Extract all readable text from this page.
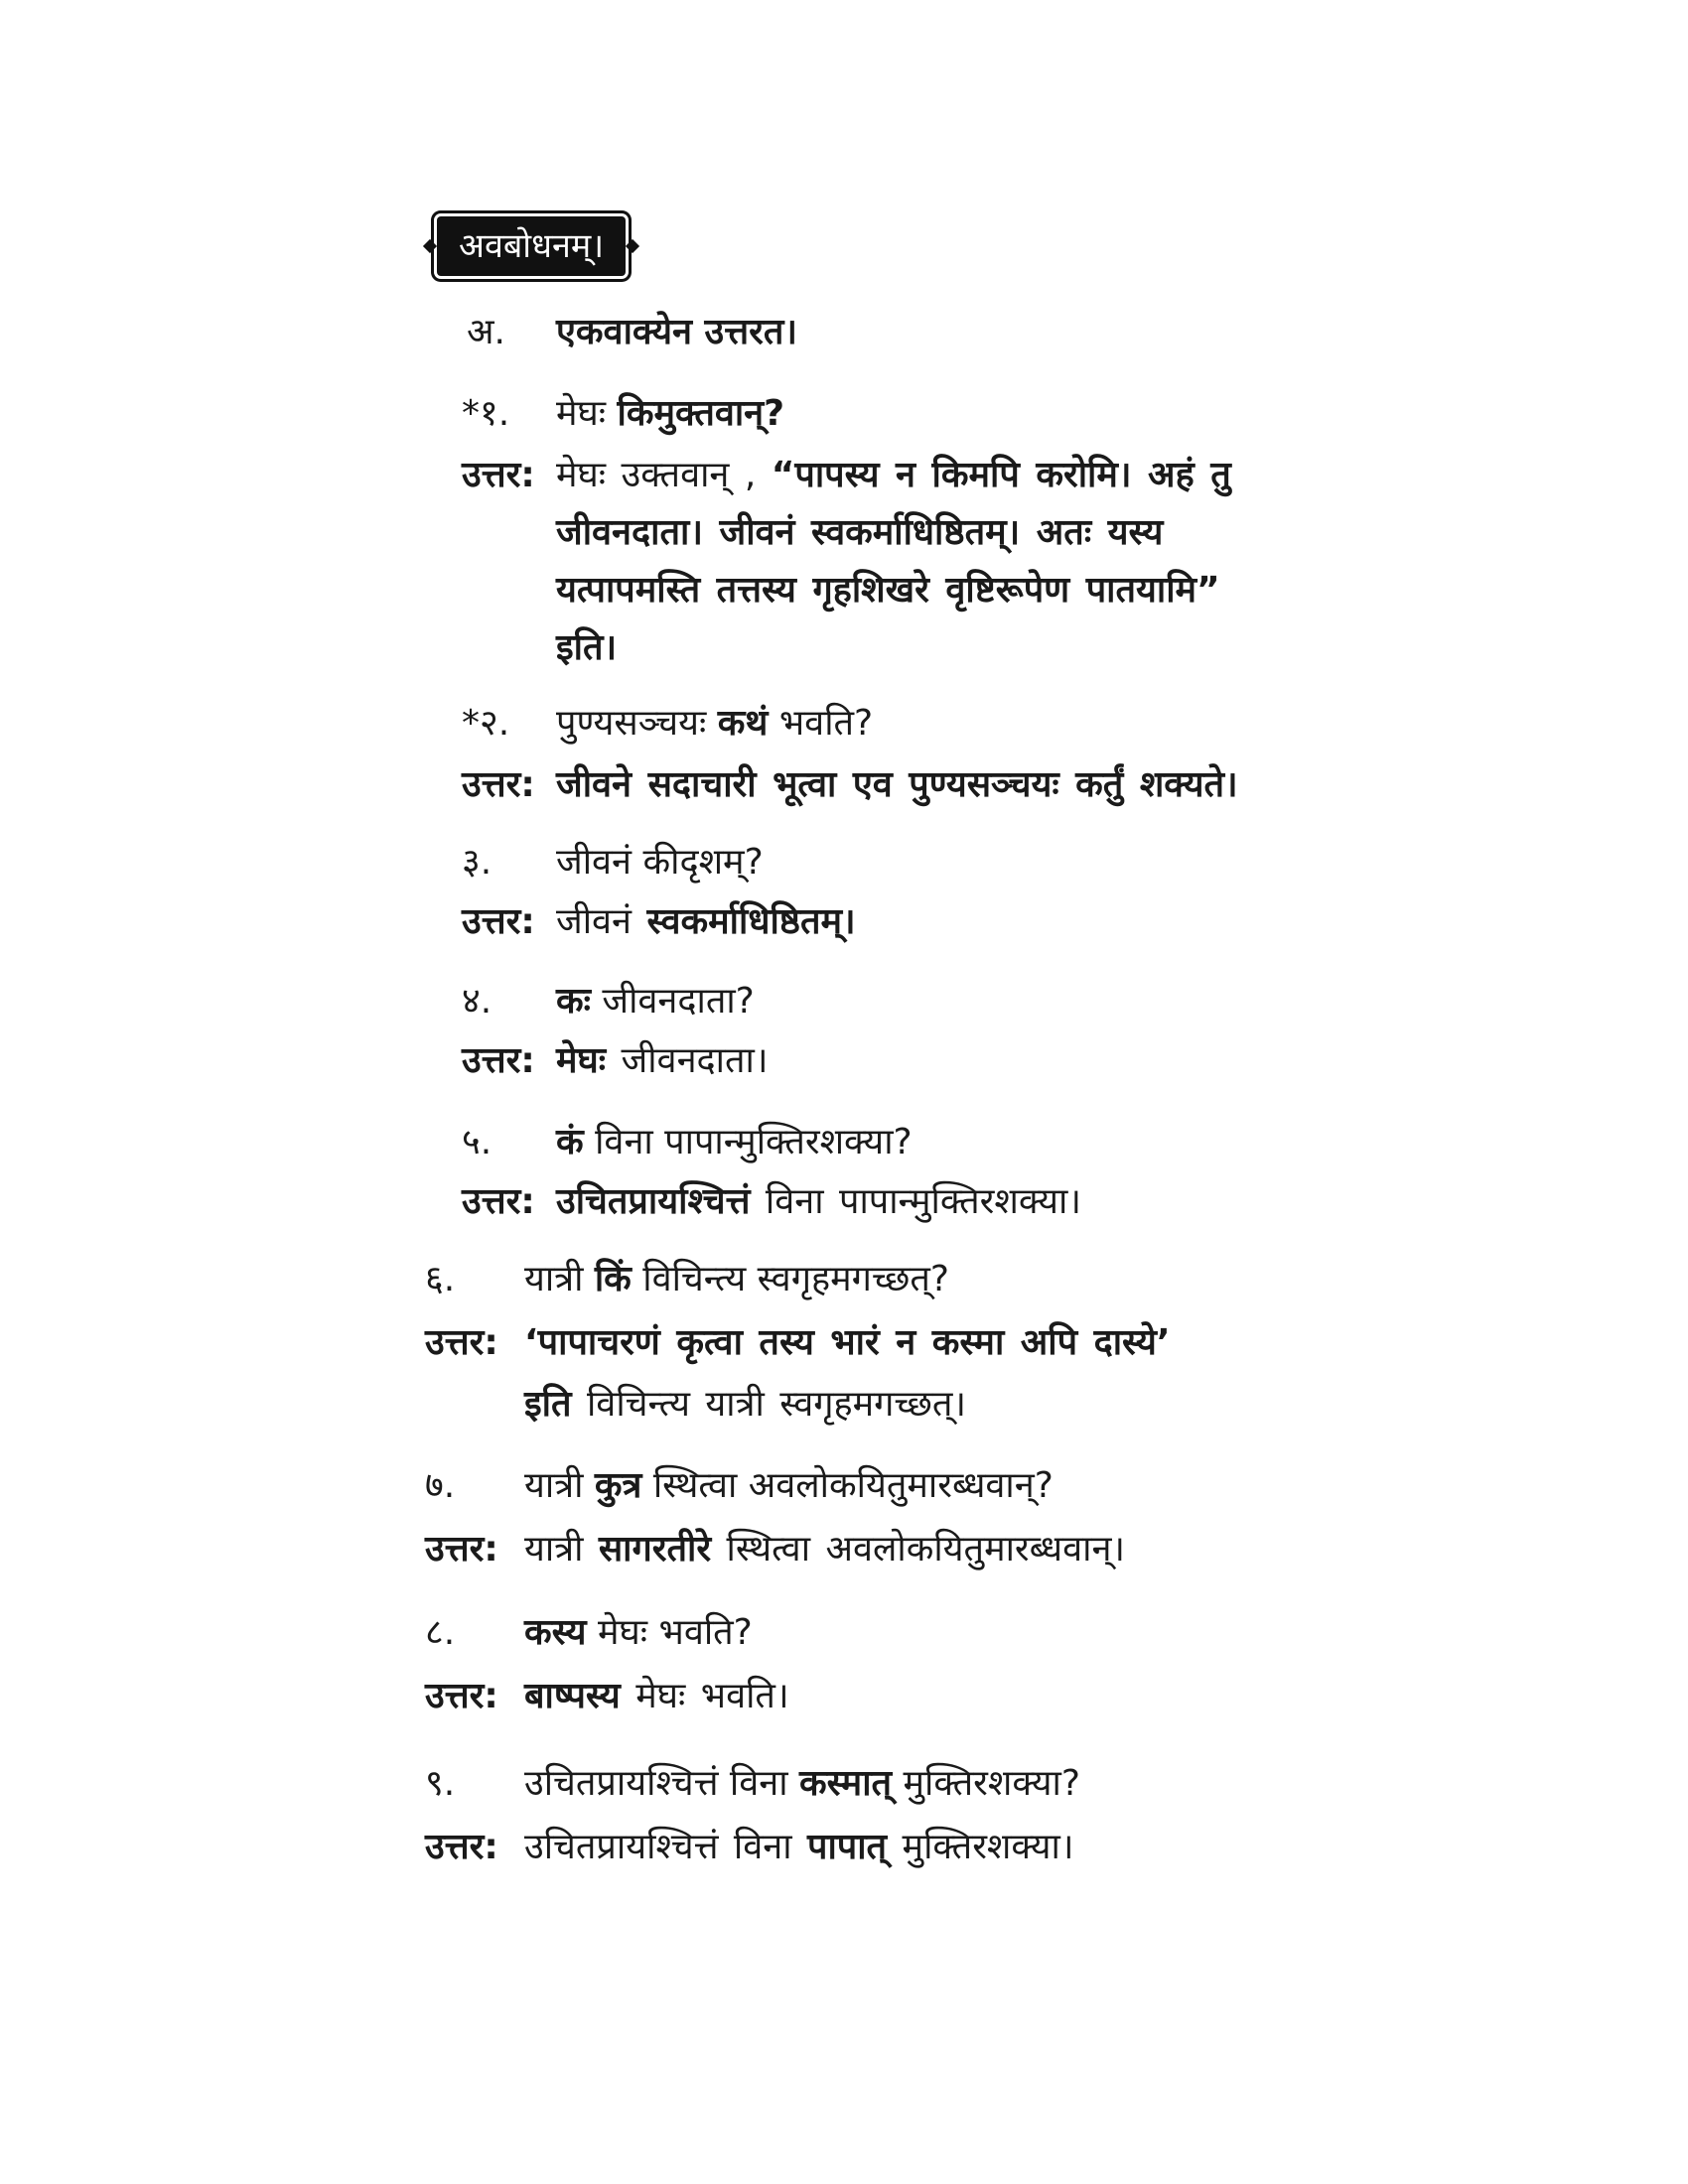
अवबोधनम्।
अ.	एकवाक्येन उत्तरत।
*१.	मेघः किमुक्तवान्?
उत्तर: मेघः उक्तवान् , “पापस्य न किमपि करोमि। अहं तु
जीवनदाता। जीवनं स्वकर्माधिष्ठितम्। अतः यस्य
यत्पापमस्ति तत्तस्य गृहशिखरे वृष्टिरूपेण पातयामि”
इति।
*२.	पुण्यसञ्चयः कथं भवति?
उत्तर: जीवने सदाचारी भूत्वा एव पुण्यसञ्चयः कर्तुं शक्यते।
३.	जीवनं कीदृशम्?
उत्तर: जीवनं स्वकर्माधिष्ठितम्।
४.	कः जीवनदाता?
उत्तर: मेघः जीवनदाता।
५.	कं विना पापान्मुक्तिरशक्या?
उत्तर: उचितप्रायश्चित्तं विना पापान्मुक्तिरशक्या।
६.	यात्री किं विचिन्त्य स्वगृहमगच्छत्?
उत्तर: ‘पापाचरणं कृत्वा तस्य भारं न कस्मा अपि दास्ये’
इति विचिन्त्य यात्री स्वगृहमगच्छत्।
७.	यात्री कुत्र स्थित्वा अवलोकयितुमारब्धवान्?
उत्तर: यात्री सागरतीरे स्थित्वा अवलोकयितुमारब्धवान्।
८.	कस्य मेघः भवति?
उत्तर: बाष्पस्य मेघः भवति।
९.	उचितप्रायश्चित्तं विना कस्मात् मुक्तिरशक्या?
उत्तर: उचितप्रायश्चित्तं विना पापात् मुक्तिरशक्या।
